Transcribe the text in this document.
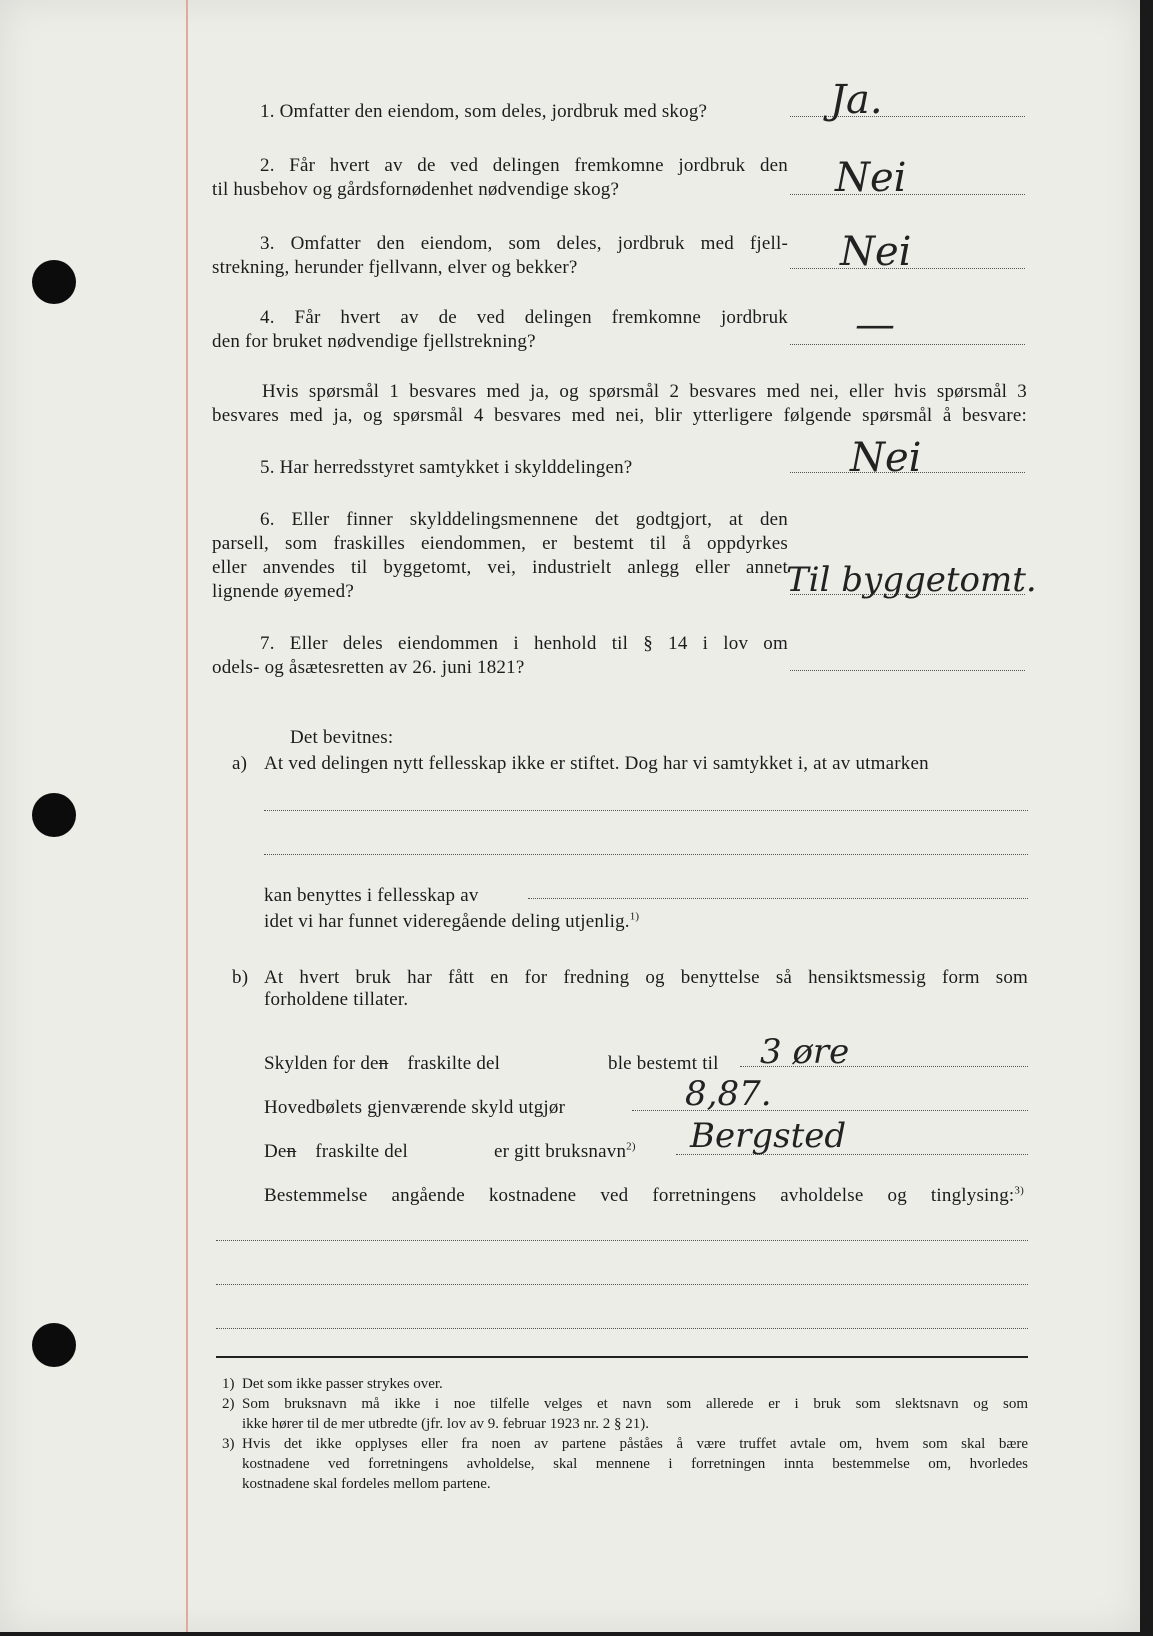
1. Omfatter den eiendom, som deles, jordbruk med skog?	Ja.
2. Får hvert av de ved delingen fremkomne jordbruk den
til husbehov og gårdsfornødenhet nødvendige skog?	Nei
3. Omfatter den eiendom, som deles, jordbruk med fjell-
strekning, herunder fjellvann, elver og bekker?	Nei
4. Får hvert av de ved delingen fremkomne jordbruk
den for bruket nødvendige fjellstrekning?	—
Hvis spørsmål 1 besvares med ja, og spørsmål 2 besvares med nei, eller hvis spørsmål 3
besvares med ja, og spørsmål 4 besvares med nei, blir ytterligere følgende spørsmål å besvare:
5. Har herredsstyret samtykket i skylddelingen?	Nei
6. Eller finner skylddelingsmennene det godtgjort, at den
parsell, som fraskilles eiendommen, er bestemt til å oppdyrkes
eller anvendes til byggetomt, vei, industrielt anlegg eller annet
lignende øyemed?	Til byggetomt.
7. Eller deles eiendommen i henhold til § 14 i lov om
odels- og åsætesretten av 26. juni 1821?
Det bevitnes:
a) At ved delingen nytt fellesskap ikke er stiftet. Dog har vi samtykket i, at av utmarken
kan benyttes i fellesskap av
idet vi har funnet videregående deling utjenlig.$^{1)}$
b) At hvert bruk har fått en for fredning og benyttelse så hensiktsmessig form som
forholdene tillater.
Skylden for den fraskilte del	ble bestemt til 3 øre
Hovedbølets gjenværende skyld utgjør	8,87.
Den fraskilte del	er gitt bruksnavn$^{2)}$ Bergsted
Bestemmelse angående kostnadene ved forretningens avholdelse og tinglysing:$^{3)}$
1) Det som ikke passer strykes over.
2) Som bruksnavn må ikke i noe tilfelle velges et navn som allerede er i bruk som slektsnavn og som
ikke hører til de mer utbredte (jfr. lov av 9. februar 1923 nr. 2 § 21).
3) Hvis det ikke opplyses eller fra noen av partene påståes å være truffet avtale om, hvem som skal bære
kostnadene ved forretningens avholdelse, skal mennene i forretningen innta bestemmelse om, hvorledes
kostnadene skal fordeles mellom partene.
